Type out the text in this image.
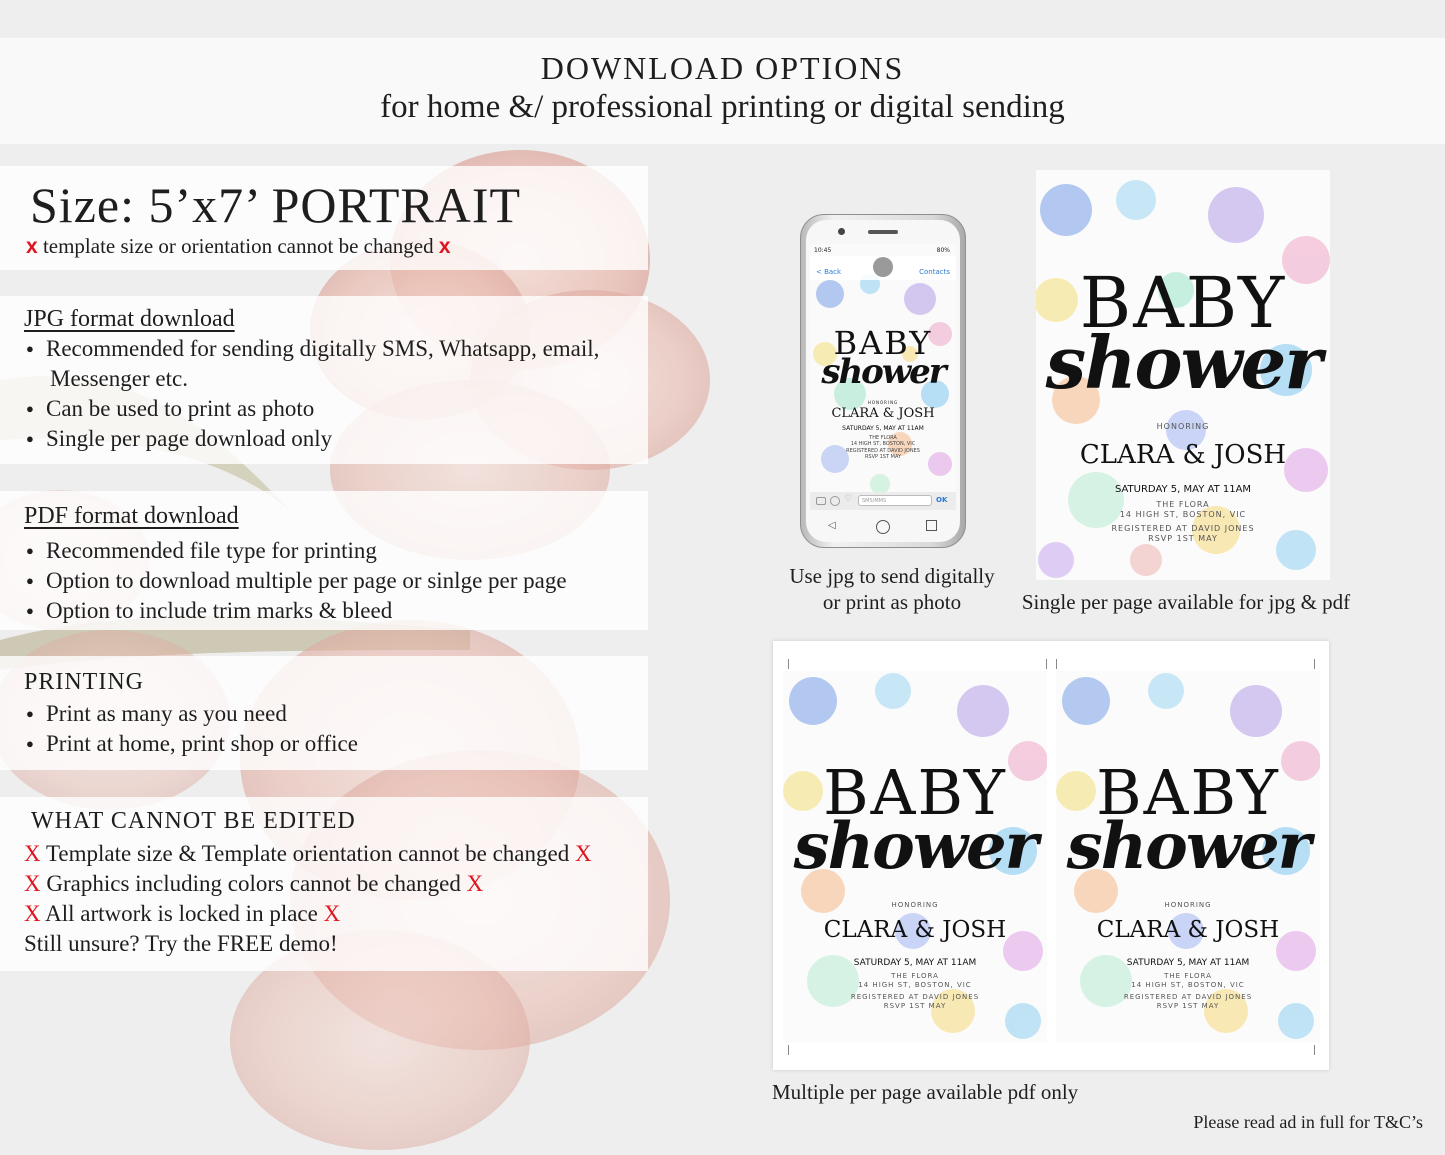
DOWNLOAD OPTIONS
for home &/ professional printing or digital sending
Size: 5’x7’ PORTRAIT
x template size or orientation cannot be changed x
JPG format download
● Recommended for sending digitally SMS, Whatsapp, email,
Messenger etc.
● Can be used to print as photo
● Single per page download only
PDF format download
● Recommended file type for printing
● Option to download multiple per page or sinlge per page
● Option to include trim marks & bleed
PRINTING
● Print as many as you need
● Print at home, print shop or office
WHAT CANNOT BE EDITED
X Template size & Template orientation cannot be changed X
X Graphics including colors cannot be changed X
X All artwork is locked in place X
Still unsure? Try the FREE demo!
10:45	80%
< Back	Contacts
BABY
shower
HONORING
CLARA & JOSH
SATURDAY 5, MAY AT 11AM
THE FLORA
14 HIGH ST, BOSTON, VIC
REGISTERED AT DAVID JONES
RSVP 1ST MAY
♡	SMS/MMS	OK
◁
BABY
shower
HONORING
CLARA & JOSH
SATURDAY 5, MAY AT 11AM
THE FLORA
14 HIGH ST, BOSTON, VIC
REGISTERED AT DAVID JONES
RSVP 1ST MAY
BABY
shower
HONORING
CLARA & JOSH
SATURDAY 5, MAY AT 11AM
THE FLORA
14 HIGH ST, BOSTON, VIC
REGISTERED AT DAVID JONES
RSVP 1ST MAY
BABY
shower
HONORING
CLARA & JOSH
SATURDAY 5, MAY AT 11AM
THE FLORA
14 HIGH ST, BOSTON, VIC
REGISTERED AT DAVID JONES
RSVP 1ST MAY
Use jpg to send digitally
or print as photo	Single per page available for jpg & pdf
Multiple per page available pdf only
Please read ad in full for T&C’s
